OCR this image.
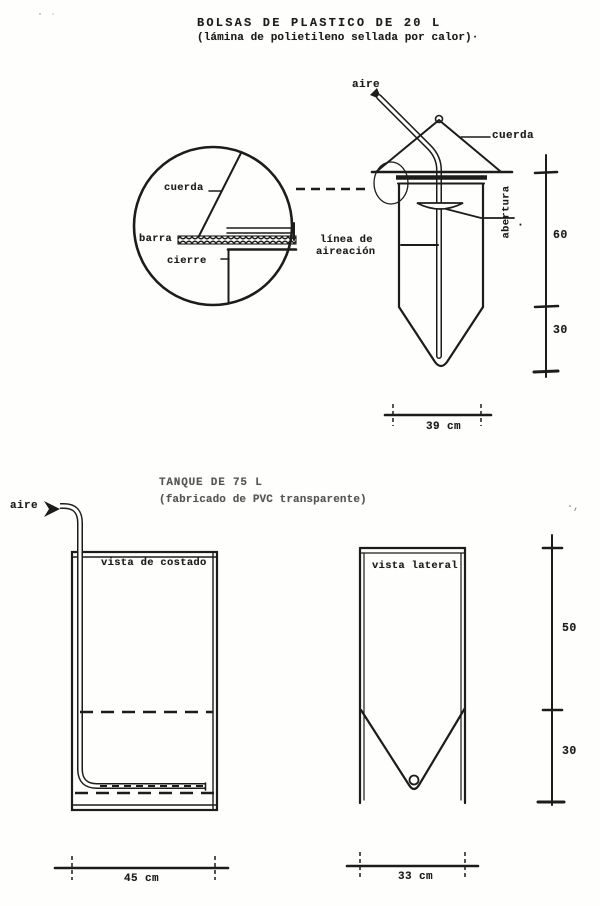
BOLSAS DE PLASTICO DE 20 L
(lámina de polietileno sellada por calor)·
cuerda
barra
cierre
aire
cuerda
abertura ·
línea de
aireación
60
30
39 cm
TANQUE DE 75 L
(fabricado de PVC transparente)
aire
vista de costado	vista lateral
50
30
45 cm	33 cm
·,
